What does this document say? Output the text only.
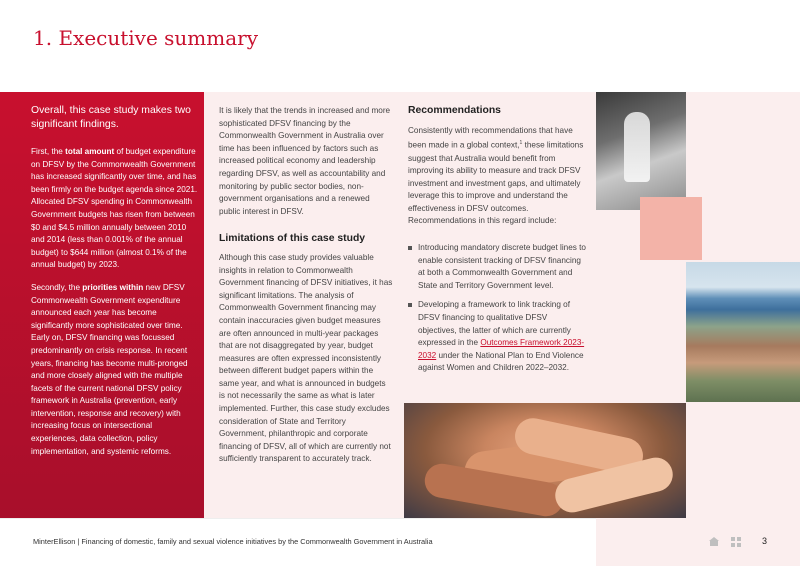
1. Executive summary
Overall, this case study makes two significant findings.

First, the total amount of budget expenditure on DFSV by the Commonwealth Government has increased significantly over time, and has been firmly on the budget agenda since 2021. Allocated DFSV spending in Commonwealth Government budgets has risen from between $0 and $4.5 million annually between 2010 and 2014 (less than 0.001% of the annual budget) to $644 million (almost 0.1% of the annual budget) by 2023.

Secondly, the priorities within new DFSV Commonwealth Government expenditure announced each year has become significantly more sophisticated over time. Early on, DFSV financing was focussed predominantly on crisis response. In recent years, financing has become multi-pronged and more closely aligned with the multiple facets of the current national DFSV policy framework in Australia (prevention, early intervention, response and recovery) with increasing focus on intersectional experiences, data collection, policy implementation, and systemic reforms.

It is likely that the trends in increased and more sophisticated DFSV financing by the Commonwealth Government in Australia over time has been influenced by factors such as increased political economy and leadership regarding DFSV, as well as accountability and monitoring by public sector bodies, non-government organisations and a renewed public interest in DFSV.

Limitations of this case study

Although this case study provides valuable insights in relation to Commonwealth Government financing of DFSV initiatives, it has significant limitations. The analysis of Commonwealth Government financing may contain inaccuracies given budget measures are often announced in multi-year packages that are not disaggregated by year, budget measures are often expressed inconsistently between different budget papers within the same year, and what is announced in budgets is not necessarily the same as what is later implemented. Further, this case study excludes consideration of State and Territory Government, philanthropic and corporate financing of DFSV, all of which are currently not sufficiently transparent to accurately track.

Recommendations

Consistently with recommendations that have been made in a global context,$^1$ these limitations suggest that Australia would benefit from improving its ability to measure and track DFSV investment and investment gaps, and ultimately leverage this to improve and understand the effectiveness in DFSV outcomes. Recommendations in this regard include:

Introducing mandatory discrete budget lines to enable consistent tracking of DFSV financing at both a Commonwealth Government and State and Territory Government level.
Developing a framework to link tracking of DFSV financing to qualitative DFSV objectives, the latter of which are currently expressed in the Outcomes Framework 2023-2032 under the National Plan to End Violence against Women and Children 2022–2032.
MinterEllison | Financing of domestic, family and sexual violence initiatives by the Commonwealth Government in Australia	3
